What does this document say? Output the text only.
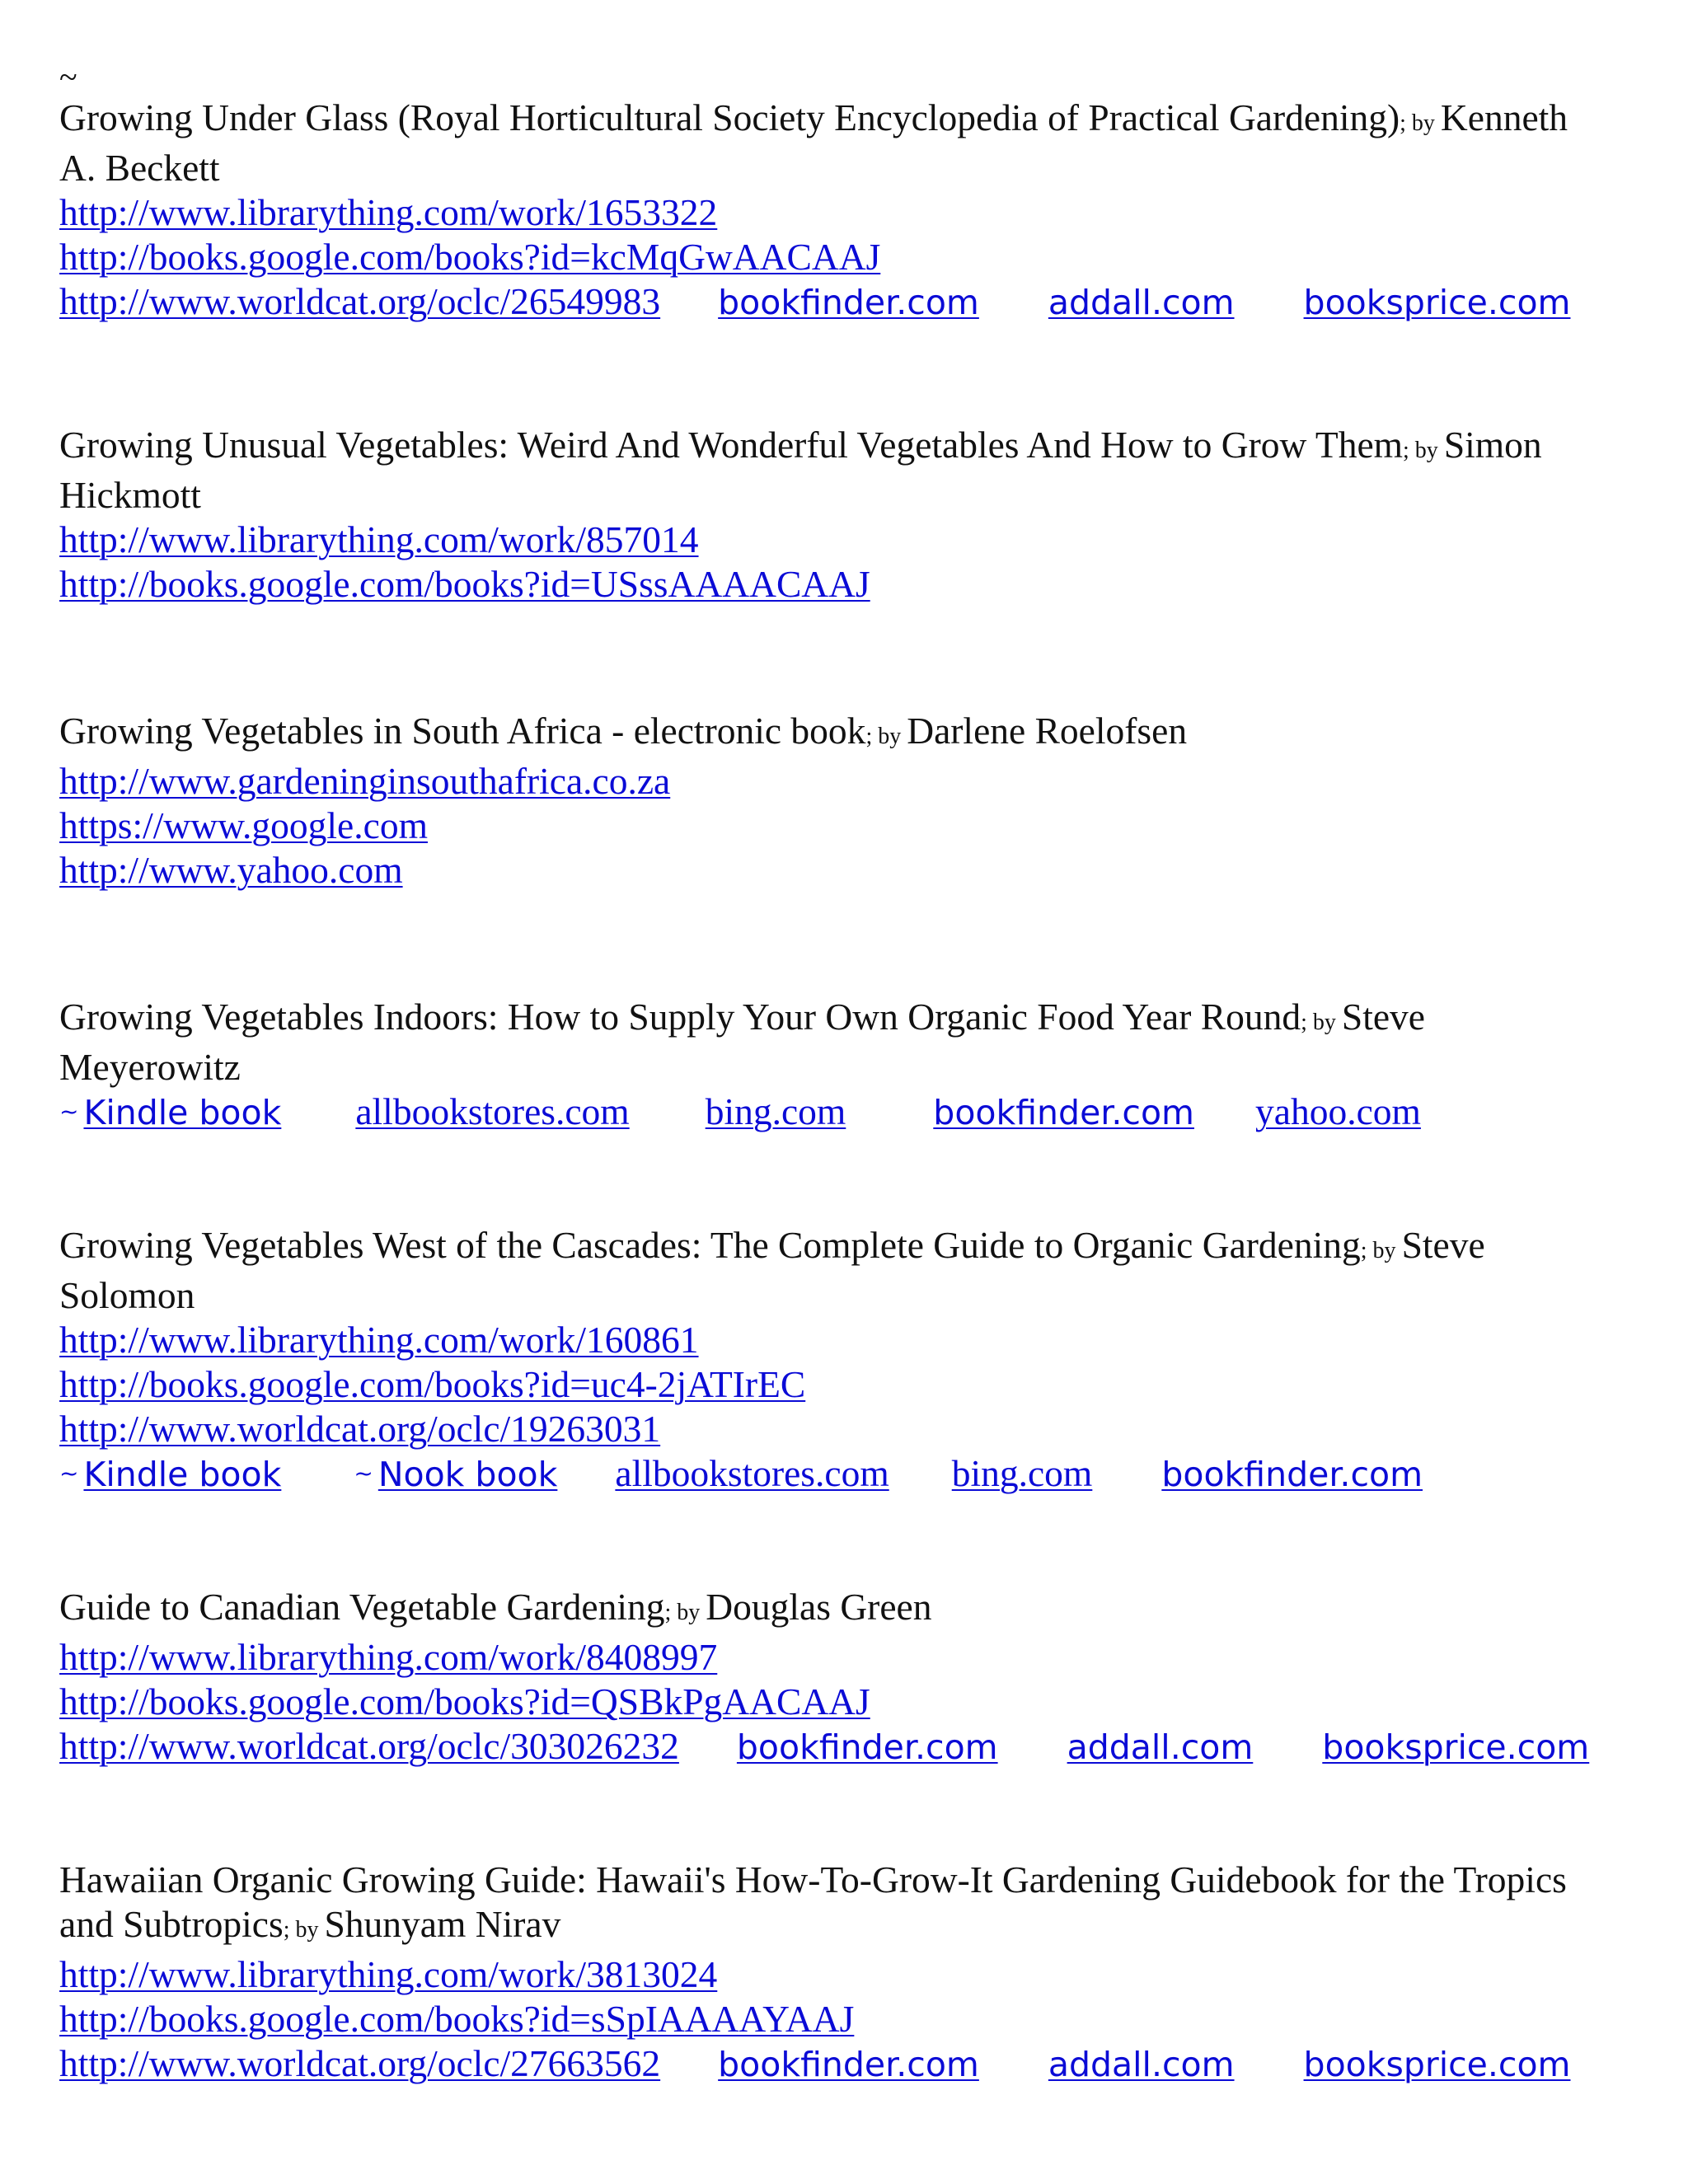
~
Growing Under Glass (Royal Horticultural Society Encyclopedia of Practical Gardening); by Kenneth
A. Beckett
http://www.librarything.com/work/1653322
http://books.google.com/books?id=kcMqGwAACAAJ
http://www.worldcat.org/oclc/26549983 bookfinder.com addall.com booksprice.com
Growing Unusual Vegetables: Weird And Wonderful Vegetables And How to Grow Them; by Simon
Hickmott
http://www.librarything.com/work/857014
http://books.google.com/books?id=USssAAAACAAJ
Growing Vegetables in South Africa - electronic book; by Darlene Roelofsen
http://www.gardeninginsouthafrica.co.za
https://www.google.com
http://www.yahoo.com
Growing Vegetables Indoors: How to Supply Your Own Organic Food Year Round; by Steve
Meyerowitz
~ Kindle book allbookstores.com bing.com	bookfinder.com yahoo.com
Growing Vegetables West of the Cascades: The Complete Guide to Organic Gardening; by Steve
Solomon
http://www.librarything.com/work/160861
http://books.google.com/books?id=uc4-2jATIrEC
http://www.worldcat.org/oclc/19263031
~ Kindle book	~ Nook book allbookstores.com bing.com bookfinder.com
Guide to Canadian Vegetable Gardening; by Douglas Green
http://www.librarything.com/work/8408997
http://books.google.com/books?id=QSBkPgAACAAJ
http://www.worldcat.org/oclc/303026232 bookfinder.com addall.com booksprice.com
Hawaiian Organic Growing Guide: Hawaii's How-To-Grow-It Gardening Guidebook for the Tropics
and Subtropics; by Shunyam Nirav
http://www.librarything.com/work/3813024
http://books.google.com/books?id=sSpIAAAAYAAJ
http://www.worldcat.org/oclc/27663562 bookfinder.com addall.com booksprice.com
